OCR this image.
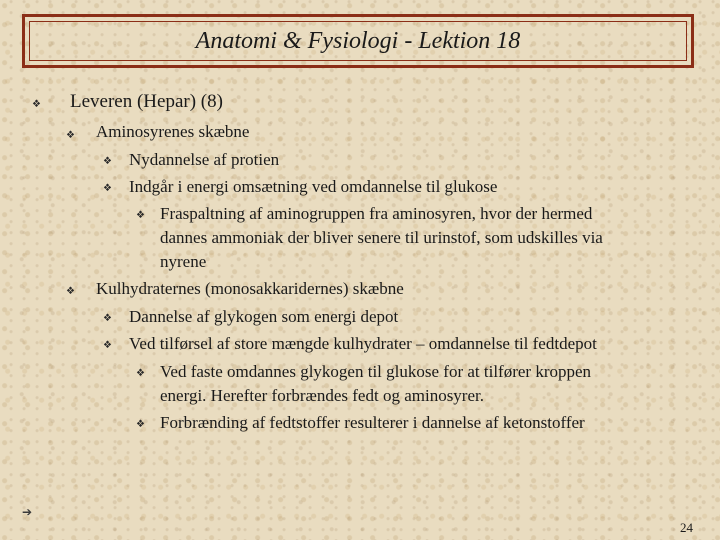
Anatomi & Fysiologi - Lektion 18
❖ Leveren (Hepar) (8)
❖ Aminosyrenes skæbne
❖ Nydannelse af protien
❖ Indgår i energi omsætning ved omdannelse til glukose
❖ Fraspaltning af aminogruppen fra aminosyren, hvor der hermed
dannes ammoniak der bliver senere til urinstof, som udskilles via
nyrene
❖ Kulhydraternes (monosakkaridernes) skæbne
❖ Dannelse af glykogen som energi depot
❖ Ved tilførsel af store mængde kulhydrater – omdannelse til fedtdepot
❖ Ved faste omdannes glykogen til glukose for at tilfører kroppen
energi. Herefter forbrændes fedt og aminosyrer.
❖ Forbrænding af fedtstoffer resulterer i dannelse af ketonstoffer
➔
24
